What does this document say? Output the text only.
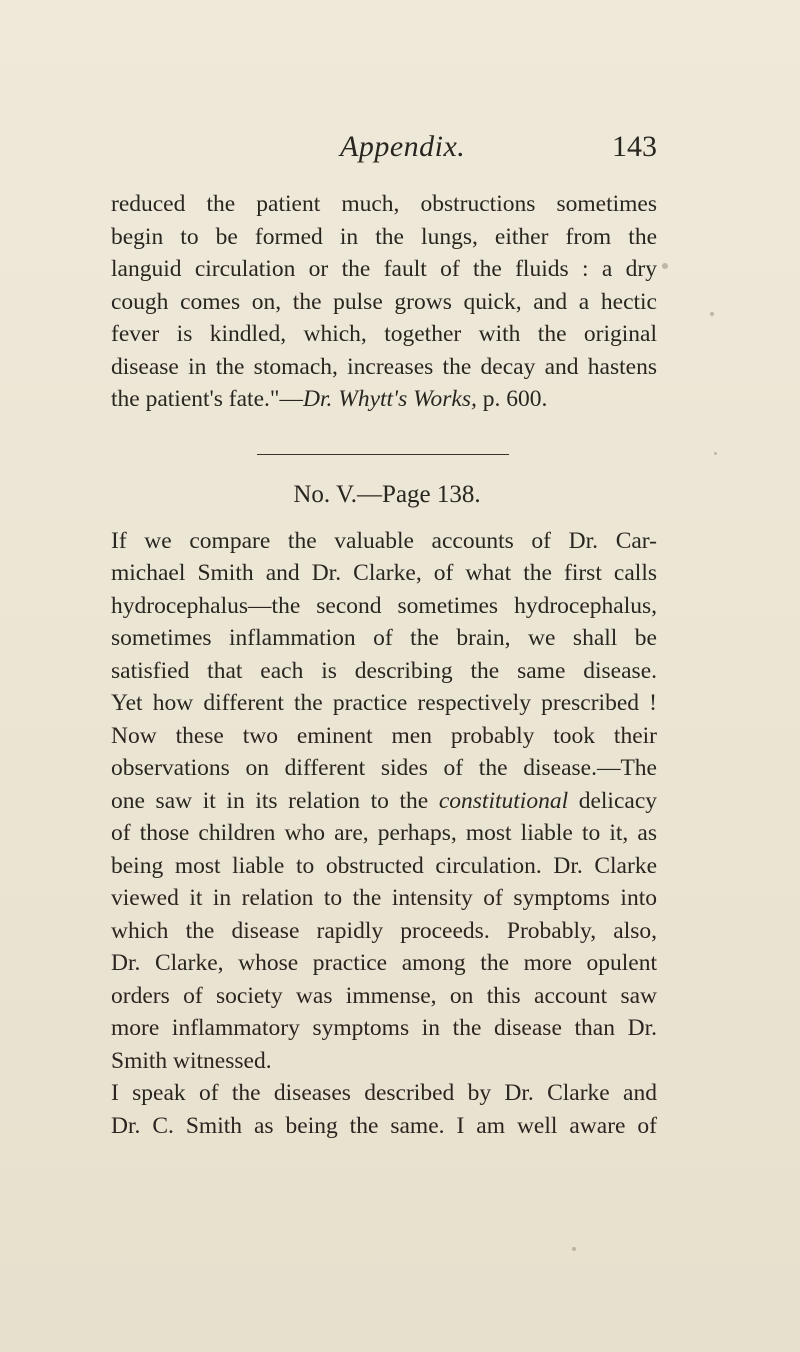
Appendix.	143
reduced the patient much, obstructions sometimes
begin to be formed in the lungs, either from the
languid circulation or the fault of the fluids : a dry
cough comes on, the pulse grows quick, and a hectic
fever is kindled, which, together with the original
disease in the stomach, increases the decay and hastens
the patient's fate."—Dr. Whytt's Works, p. 600.
No. V.—Page 138.
If we compare the valuable accounts of Dr. Car-
michael Smith and Dr. Clarke, of what the first calls
hydrocephalus—the second sometimes hydrocephalus,
sometimes inflammation of the brain, we shall be
satisfied that each is describing the same disease.
Yet how different the practice respectively prescribed !
Now these two eminent men probably took their
observations on different sides of the disease.—The
one saw it in its relation to the constitutional delicacy
of those children who are, perhaps, most liable to it, as
being most liable to obstructed circulation. Dr. Clarke
viewed it in relation to the intensity of symptoms into
which the disease rapidly proceeds. Probably, also,
Dr. Clarke, whose practice among the more opulent
orders of society was immense, on this account saw
more inflammatory symptoms in the disease than Dr.
Smith witnessed.
I speak of the diseases described by Dr. Clarke and
Dr. C. Smith as being the same. I am well aware of
